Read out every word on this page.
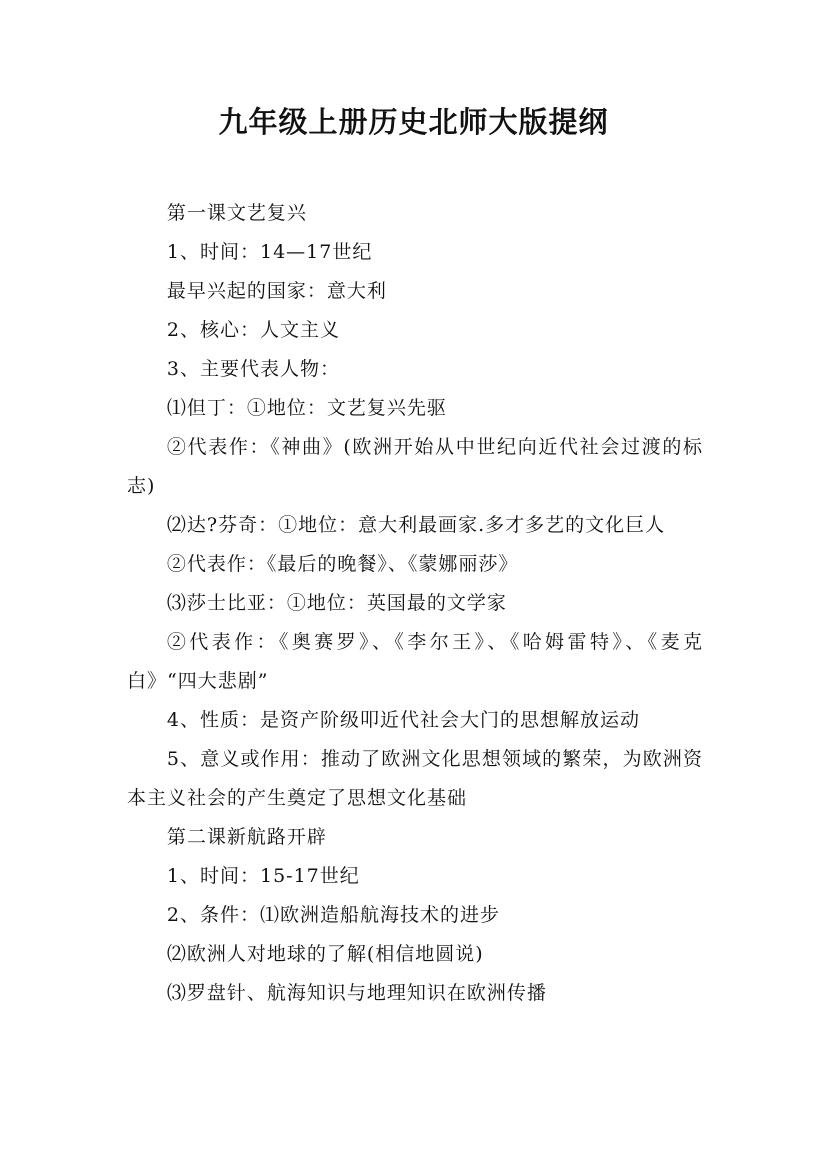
九年级上册历史北师大版提纲

第一课文艺复兴

1、时间：14—17世纪

最早兴起的国家：意大利

2、核心：人文主义

3、主要代表人物：

⑴但丁：①地位：文艺复兴先驱

②代表作：《神曲》(欧洲开始从中世纪向近代社会过渡的标志)

⑵达?芬奇：①地位：意大利最画家.多才多艺的文化巨人

②代表作：《最后的晚餐》、《蒙娜丽莎》

⑶莎士比亚：①地位：英国最的文学家

②代表作：《奥赛罗》、《李尔王》、《哈姆雷特》、《麦克白》“四大悲剧”

4、性质：是资产阶级叩近代社会大门的思想解放运动

5、意义或作用：推动了欧洲文化思想领域的繁荣，为欧洲资本主义社会的产生奠定了思想文化基础

第二课新航路开辟

1、时间：15-17世纪

2、条件：⑴欧洲造船航海技术的进步

⑵欧洲人对地球的了解(相信地圆说)

⑶罗盘针、航海知识与地理知识在欧洲传播
